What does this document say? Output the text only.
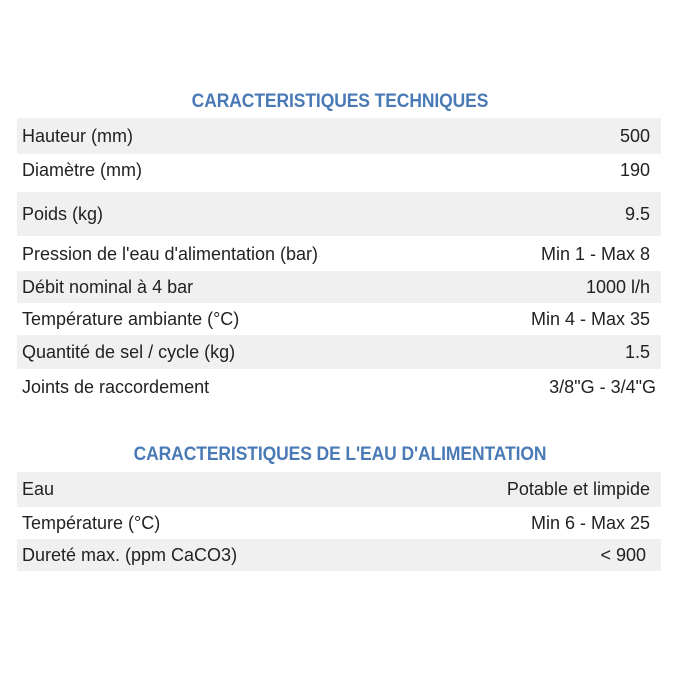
CARACTERISTIQUES TECHNIQUES
Hauteur (mm)	500
Diamètre (mm)	190
Poids (kg)	9.5
Pression de l'eau d'alimentation (bar)	Min 1 - Max 8
Débit nominal à 4 bar	1000 l/h
Température ambiante (°C)	Min 4 - Max 35
Quantité de sel / cycle (kg)	1.5
Joints de raccordement	3/8"G - 3/4"G
CARACTERISTIQUES DE L'EAU D'ALIMENTATION
Eau	Potable et limpide
Température (°C)	Min 6 - Max 25
Dureté max. (ppm CaCO3)	< 900
